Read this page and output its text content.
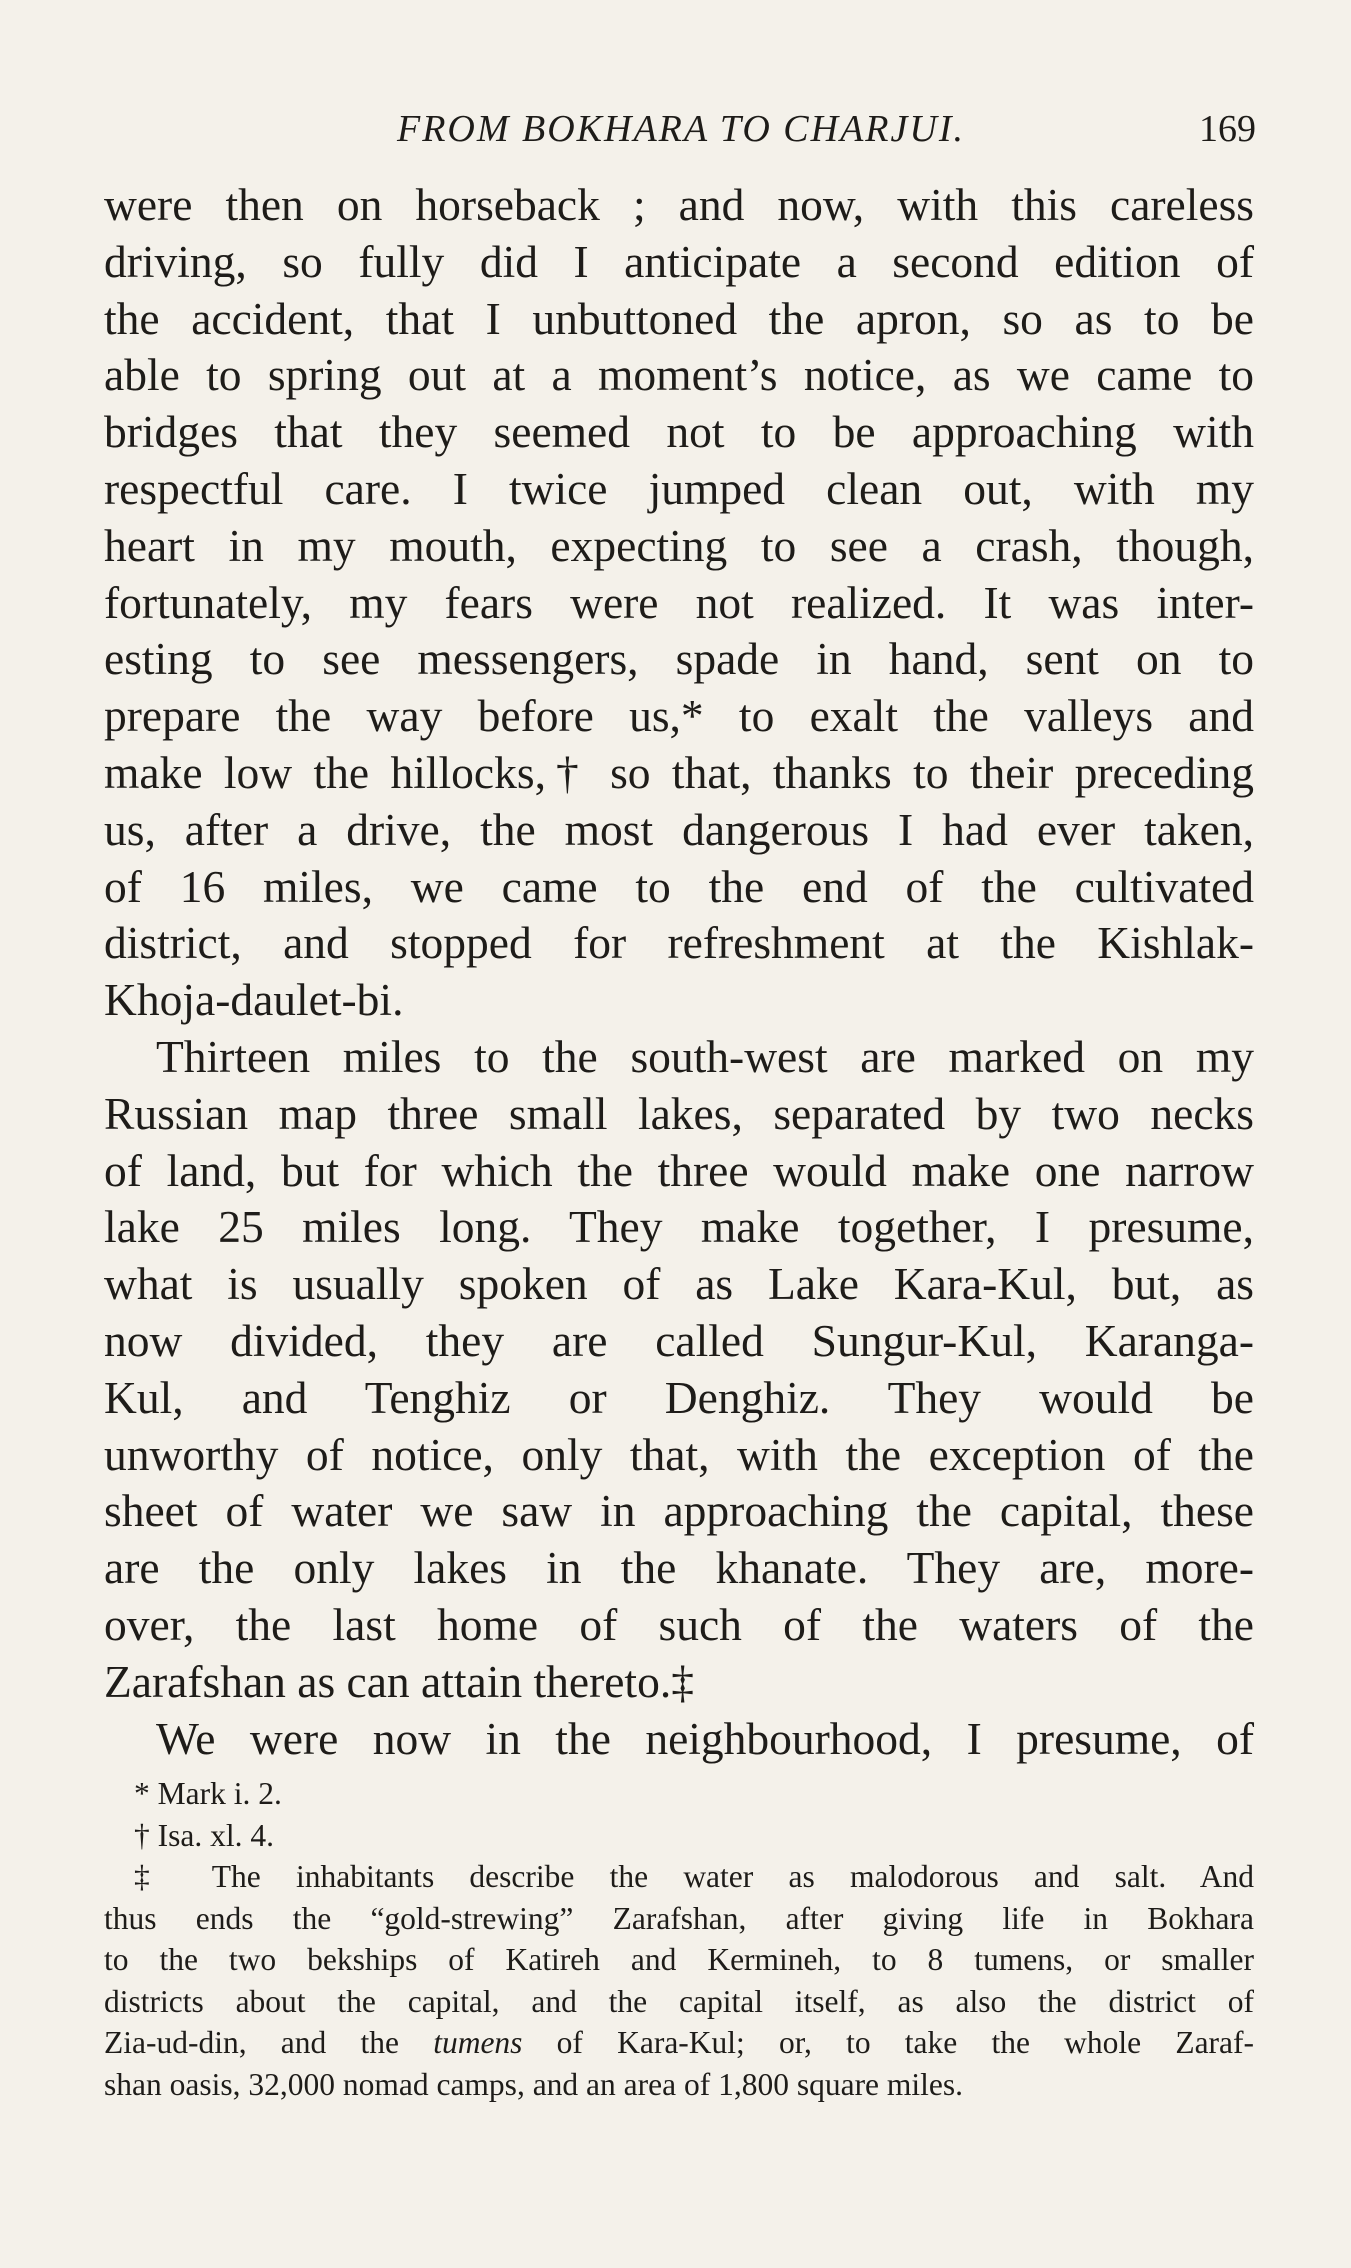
FROM BOKHARA TO CHARJUI.	169
were then on horseback ; and now, with this careless
driving, so fully did I anticipate a second edition of
the accident, that I unbuttoned the apron, so as to be
able to spring out at a moment’s notice, as we came to
bridges that they seemed not to be approaching with
respectful care. I twice jumped clean out, with my
heart in my mouth, expecting to see a crash, though,
fortunately, my fears were not realized. It was inter-
esting to see messengers, spade in hand, sent on to
prepare the way before us,* to exalt the valleys and
make low the hillocks,† so that, thanks to their preceding
us, after a drive, the most dangerous I had ever taken,
of 16 miles, we came to the end of the cultivated
district, and stopped for refreshment at the Kishlak-
Khoja-daulet-bi.
Thirteen miles to the south-west are marked on my
Russian map three small lakes, separated by two necks
of land, but for which the three would make one narrow
lake 25 miles long. They make together, I presume,
what is usually spoken of as Lake Kara-Kul, but, as
now divided, they are called Sungur-Kul, Karanga-
Kul, and Tenghiz or Denghiz. They would be
unworthy of notice, only that, with the exception of the
sheet of water we saw in approaching the capital, these
are the only lakes in the khanate. They are, more-
over, the last home of such of the waters of the
Zarafshan as can attain thereto.‡
We were now in the neighbourhood, I presume, of
* Mark i. 2.
† Isa. xl. 4.
‡ The inhabitants describe the water as malodorous and salt. And
thus ends the “gold-strewing” Zarafshan, after giving life in Bokhara
to the two bekships of Katireh and Kermineh, to 8 tumens, or smaller
districts about the capital, and the capital itself, as also the district of
Zia-ud-din, and the tumens of Kara-Kul; or, to take the whole Zaraf-
shan oasis, 32,000 nomad camps, and an area of 1,800 square miles.
